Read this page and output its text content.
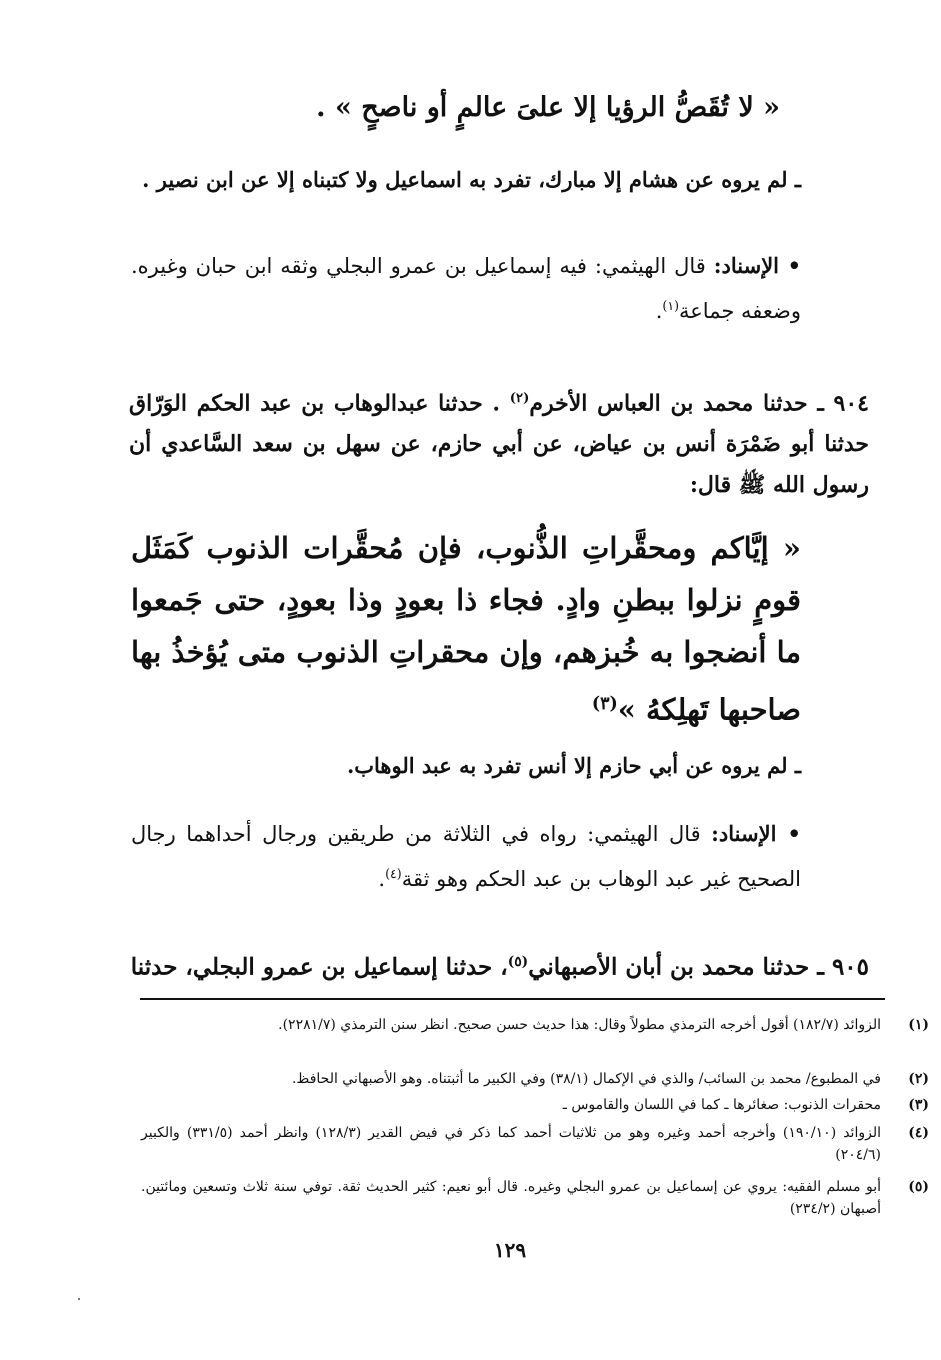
« لا تُقَصُّ الرؤيا إلا علىَ عالمٍ أو ناصحٍ » .

ـ لم يروه عن هشام إلا مبارك، تفرد به اسماعيل ولا كتبناه إلا عن ابن نصير .

• الإسناد: قال الهيثمي: فيه إسماعيل بن عمرو البجلي وثقه ابن حبان وغيره. وضعفه جماعة$^{(١)}$.

٩٠٤ ـ حدثنا محمد بن العباس الأخرم$^{(٢)}$ . حدثنا عبدالوهاب بن عبد الحكم الوَرّاق حدثنا أبو ضَمْرَة أنس بن عياض، عن أبي حازم، عن سهل بن سعد السَّاعدي أن رسول الله ﷺ قال:

« إيَّاكم ومحقَّراتِ الذُّنوب، فإن مُحقَّرات الذنوب كَمَثَل قومٍ نزلوا ببطنِ وادٍ. فجاء ذا بعودٍ وذا بعودٍ، حتى جَمعوا ما أنضجوا به خُبزهم، وإن محقراتِ الذنوب متى يُؤخذُ بها صاحبها تَهلِكهُ »$^{(٣)}$

ـ لم يروه عن أبي حازم إلا أنس تفرد به عبد الوهاب.

• الإسناد: قال الهيثمي: رواه في الثلاثة من طريقين ورجال أحداهما رجال الصحيح غير عبد الوهاب بن عبد الحكم وهو ثقة$^{(٤)}$.

٩٠٥ ـ حدثنا محمد بن أبان الأصبهاني$^{(٥)}$، حدثنا إسماعيل بن عمرو البجلي، حدثنا

(١)
الزوائد (١٨٢/٧) أقول أخرجه الترمذي مطولاً وقال: هذا حديث حسن صحيح. انظر سنن الترمذي (٢٢٨١/٧).
(٢)
في المطبوع/ محمد بن السائب/ والذي في الإكمال (٣٨/١) وفي الكبير ما أثبتناه. وهو الأصبهاني الحافظ.
(٣)
محقرات الذنوب: صغائرها ـ كما في اللسان والقاموس ـ
(٤)
الزوائد (١٩٠/١٠) وأخرجه أحمد وغيره وهو من ثلاثيات أحمد كما ذكر في فيض القدير (١٢٨/٣) وانظر أحمد (٣٣١/٥) والكبير (٢٠٤/٦)
(٥)
أبو مسلم الفقيه: يروي عن إسماعيل بن عمرو البجلي وغيره. قال أبو نعيم: كثير الحديث ثقة. توفي سنة ثلاث وتسعين ومائتين. أصبهان (٢٣٤/٢)
١٢٩
